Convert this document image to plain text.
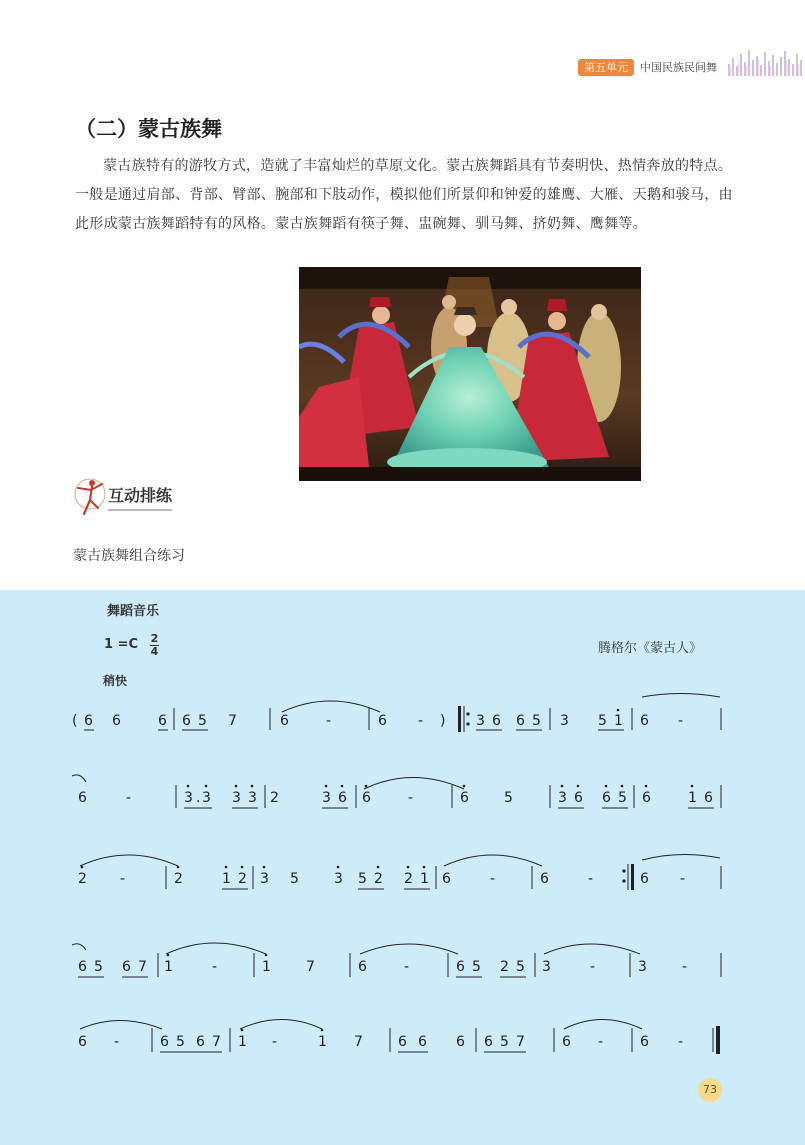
第五单元	中国民族民间舞
（二）蒙古族舞
蒙古族特有的游牧方式，造就了丰富灿烂的草原文化。蒙古族舞蹈具有节奏明快、热情奔放的特点。一般是通过肩部、背部、臂部、腕部和下肢动作，模拟他们所景仰和钟爱的雄鹰、大雁、天鹅和骏马，由此形成蒙古族舞蹈特有的风格。蒙古族舞蹈有筷子舞、盅碗舞、驯马舞、挤奶舞、鹰舞等。
互动排练
蒙古族舞组合练习
舞蹈音乐
1 =C 2
4	腾格尔《蒙古人》
稍快
( 6 6	6 6 5 7	6	-	6 - ) 3 6 6 5 3 5 1 6 -
6	-	3 . 3 3 3 2	3 6 6	-	6	5	3 6 6 5 6	1 6
2 -	2	1 2 3 5	3 5 2 2 1 6	-	6	-	6 -
6 5 6 7 1	-	1	7	6	-	6 5 2 5 3	-	3	-
6 -	6 5 6 7 1 -	1 7	6 6 6 6 5 7	6 -	6 -
73
